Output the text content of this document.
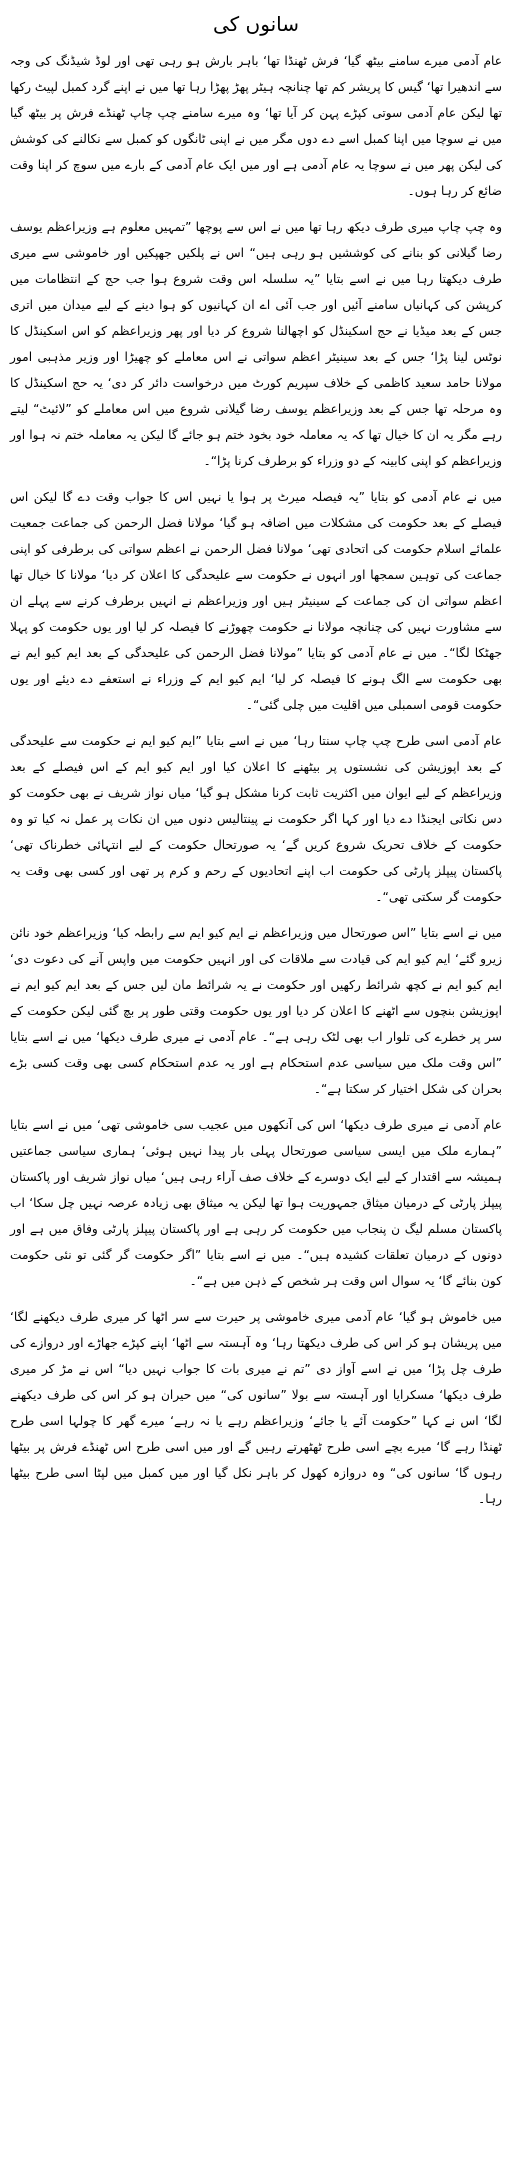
سانوں کی

عام آدمی میرے سامنے بیٹھ گیا‘ فرش ٹھنڈا تھا‘ باہر بارش ہو رہی تھی اور لوڈ شیڈنگ کی وجہ سے اندھیرا تھا‘ گیس کا پریشر کم تھا چنانچہ ہیٹر پھڑ پھڑا رہا تھا میں نے اپنے گرد کمبل لپیٹ رکھا تھا لیکن عام آدمی سوتی کپڑے پہن کر آیا تھا‘ وہ میرے سامنے چپ چاپ ٹھنڈے فرش پر بیٹھ گیا میں نے سوچا میں اپنا کمبل اسے دے دوں مگر میں نے اپنی ٹانگوں کو کمبل سے نکالنے کی کوشش کی لیکن پھر میں نے سوچا یہ عام آدمی ہے اور میں ایک عام آدمی کے بارے میں سوچ کر اپنا وقت ضائع کر رہا ہوں۔

وہ چپ چاپ میری طرف دیکھ رہا تھا میں نے اس سے پوچھا ”تمہیں معلوم ہے وزیراعظم یوسف رضا گیلانی کو بنانے کی کوششیں ہو رہی ہیں“ اس نے پلکیں جھپکیں اور خاموشی سے میری طرف دیکھتا رہا میں نے اسے بتایا ”یہ سلسلہ اس وقت شروع ہوا جب حج کے انتظامات میں کرپشن کی کہانیاں سامنے آئیں اور جب آئی اے ان کہانیوں کو ہوا دینے کے لیے میدان میں اتری جس کے بعد میڈیا نے حج اسکینڈل کو اچھالنا شروع کر دیا اور پھر وزیراعظم کو اس اسکینڈل کا نوٹس لینا پڑا‘ جس کے بعد سینیٹر اعظم سواتی نے اس معاملے کو چھیڑا اور وزیر مذہبی امور مولانا حامد سعید کاظمی کے خلاف سپریم کورٹ میں درخواست دائر کر دی‘ یہ حج اسکینڈل کا وہ مرحلہ تھا جس کے بعد وزیراعظم یوسف رضا گیلانی شروع میں اس معاملے کو ”لائیٹ“ لیتے رہے مگر یہ ان کا خیال تھا کہ یہ معاملہ خود بخود ختم ہو جائے گا لیکن یہ معاملہ ختم نہ ہوا اور وزیراعظم کو اپنی کابینہ کے دو وزراء کو برطرف کرنا پڑا“۔

میں نے عام آدمی کو بتایا ”یہ فیصلہ میرٹ پر ہوا یا نہیں اس کا جواب وقت دے گا لیکن اس فیصلے کے بعد حکومت کی مشکلات میں اضافہ ہو گیا‘ مولانا فضل الرحمن کی جماعت جمعیت علمائے اسلام حکومت کی اتحادی تھی‘ مولانا فضل الرحمن نے اعظم سواتی کی برطرفی کو اپنی جماعت کی توہین سمجھا اور انہوں نے حکومت سے علیحدگی کا اعلان کر دیا‘ مولانا کا خیال تھا اعظم سواتی ان کی جماعت کے سینیٹر ہیں اور وزیراعظم نے انہیں برطرف کرنے سے پہلے ان سے مشاورت نہیں کی چنانچہ مولانا نے حکومت چھوڑنے کا فیصلہ کر لیا اور یوں حکومت کو پہلا جھٹکا لگا“۔ میں نے عام آدمی کو بتایا ”مولانا فضل الرحمن کی علیحدگی کے بعد ایم کیو ایم نے بھی حکومت سے الگ ہونے کا فیصلہ کر لیا‘ ایم کیو ایم کے وزراء نے استعفے دے دیئے اور یوں حکومت قومی اسمبلی میں اقلیت میں چلی گئی“۔

عام آدمی اسی طرح چپ چاپ سنتا رہا‘ میں نے اسے بتایا ”ایم کیو ایم نے حکومت سے علیحدگی کے بعد اپوزیشن کی نشستوں پر بیٹھنے کا اعلان کیا اور ایم کیو ایم کے اس فیصلے کے بعد وزیراعظم کے لیے ایوان میں اکثریت ثابت کرنا مشکل ہو گیا‘ میاں نواز شریف نے بھی حکومت کو دس نکاتی ایجنڈا دے دیا اور کہا اگر حکومت نے پینتالیس دنوں میں ان نکات پر عمل نہ کیا تو وہ حکومت کے خلاف تحریک شروع کریں گے‘ یہ صورتحال حکومت کے لیے انتہائی خطرناک تھی‘ پاکستان پیپلز پارٹی کی حکومت اب اپنے اتحادیوں کے رحم و کرم پر تھی اور کسی بھی وقت یہ حکومت گر سکتی تھی“۔

میں نے اسے بتایا ”اس صورتحال میں وزیراعظم نے ایم کیو ایم سے رابطہ کیا‘ وزیراعظم خود نائن زیرو گئے‘ ایم کیو ایم کی قیادت سے ملاقات کی اور انہیں حکومت میں واپس آنے کی دعوت دی‘ ایم کیو ایم نے کچھ شرائط رکھیں اور حکومت نے یہ شرائط مان لیں جس کے بعد ایم کیو ایم نے اپوزیشن بنچوں سے اٹھنے کا اعلان کر دیا اور یوں حکومت وقتی طور پر بچ گئی لیکن حکومت کے سر پر خطرے کی تلوار اب بھی لٹک رہی ہے“۔ عام آدمی نے میری طرف دیکھا‘ میں نے اسے بتایا ”اس وقت ملک میں سیاسی عدم استحکام ہے اور یہ عدم استحکام کسی بھی وقت کسی بڑے بحران کی شکل اختیار کر سکتا ہے“۔

عام آدمی نے میری طرف دیکھا‘ اس کی آنکھوں میں عجیب سی خاموشی تھی‘ میں نے اسے بتایا ”ہمارے ملک میں ایسی سیاسی صورتحال پہلی بار پیدا نہیں ہوئی‘ ہماری سیاسی جماعتیں ہمیشہ سے اقتدار کے لیے ایک دوسرے کے خلاف صف آراء رہی ہیں‘ میاں نواز شریف اور پاکستان پیپلز پارٹی کے درمیان میثاق جمہوریت ہوا تھا لیکن یہ میثاق بھی زیادہ عرصہ نہیں چل سکا‘ اب پاکستان مسلم لیگ ن پنجاب میں حکومت کر رہی ہے اور پاکستان پیپلز پارٹی وفاق میں ہے اور دونوں کے درمیان تعلقات کشیدہ ہیں“۔ میں نے اسے بتایا ”اگر حکومت گر گئی تو نئی حکومت کون بنائے گا‘ یہ سوال اس وقت ہر شخص کے ذہن میں ہے“۔

میں خاموش ہو گیا‘ عام آدمی میری خاموشی پر حیرت سے سر اٹھا کر میری طرف دیکھنے لگا‘ میں پریشان ہو کر اس کی طرف دیکھتا رہا‘ وہ آہستہ سے اٹھا‘ اپنے کپڑے جھاڑے اور دروازے کی طرف چل پڑا‘ میں نے اسے آواز دی ”تم نے میری بات کا جواب نہیں دیا“ اس نے مڑ کر میری طرف دیکھا‘ مسکرایا اور آہستہ سے بولا ”سانوں کی“ میں حیران ہو کر اس کی طرف دیکھنے لگا‘ اس نے کہا ”حکومت آئے یا جائے‘ وزیراعظم رہے یا نہ رہے‘ میرے گھر کا چولہا اسی طرح ٹھنڈا رہے گا‘ میرے بچے اسی طرح ٹھٹھرتے رہیں گے اور میں اسی طرح اس ٹھنڈے فرش پر بیٹھا رہوں گا‘ سانوں کی“ وہ دروازہ کھول کر باہر نکل گیا اور میں کمبل میں لپٹا اسی طرح بیٹھا رہا۔
